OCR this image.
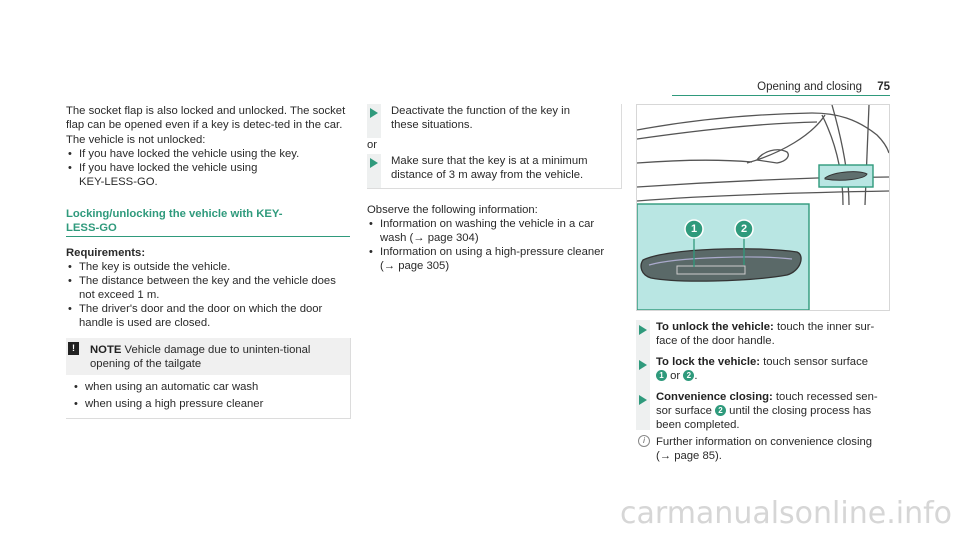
Opening and closing 75

The socket flap is also locked and unlocked. The socket flap can be opened even if a key is detec-ted in the car.

The vehicle is not unlocked:

• If you have locked the vehicle using the key.
• If you have locked the vehicle using KEY-LESS-GO.

Locking/unlocking the vehicle with KEY-

LESS-GO

Requirements:

• The key is outside the vehicle.
• The distance between the key and the vehicle does not exceed 1 m.
• The driver's door and the door on which the door handle is used are closed.
!	NOTE Vehicle damage due to uninten-tional opening of the tailgate

• when using an automatic car wash
• when using a high pressure cleaner

Deactivate the function of the key in these situations.

or

Make sure that the key is at a minimum distance of 3 m away from the vehicle.

Observe the following information:

• Information on washing the vehicle in a car
wash (→ page 304)
• Information on using a high-pressure cleaner
(→ page 305)
1	2

To unlock the vehicle: touch the inner sur-face of the door handle.

To lock the vehicle: touch sensor surface
1 or 2 .

Convenience closing: touch recessed sen-sor surface 2 until the closing process has been completed.

i Further information on convenience closing
(→ page 85).

carmanualsonline.info
